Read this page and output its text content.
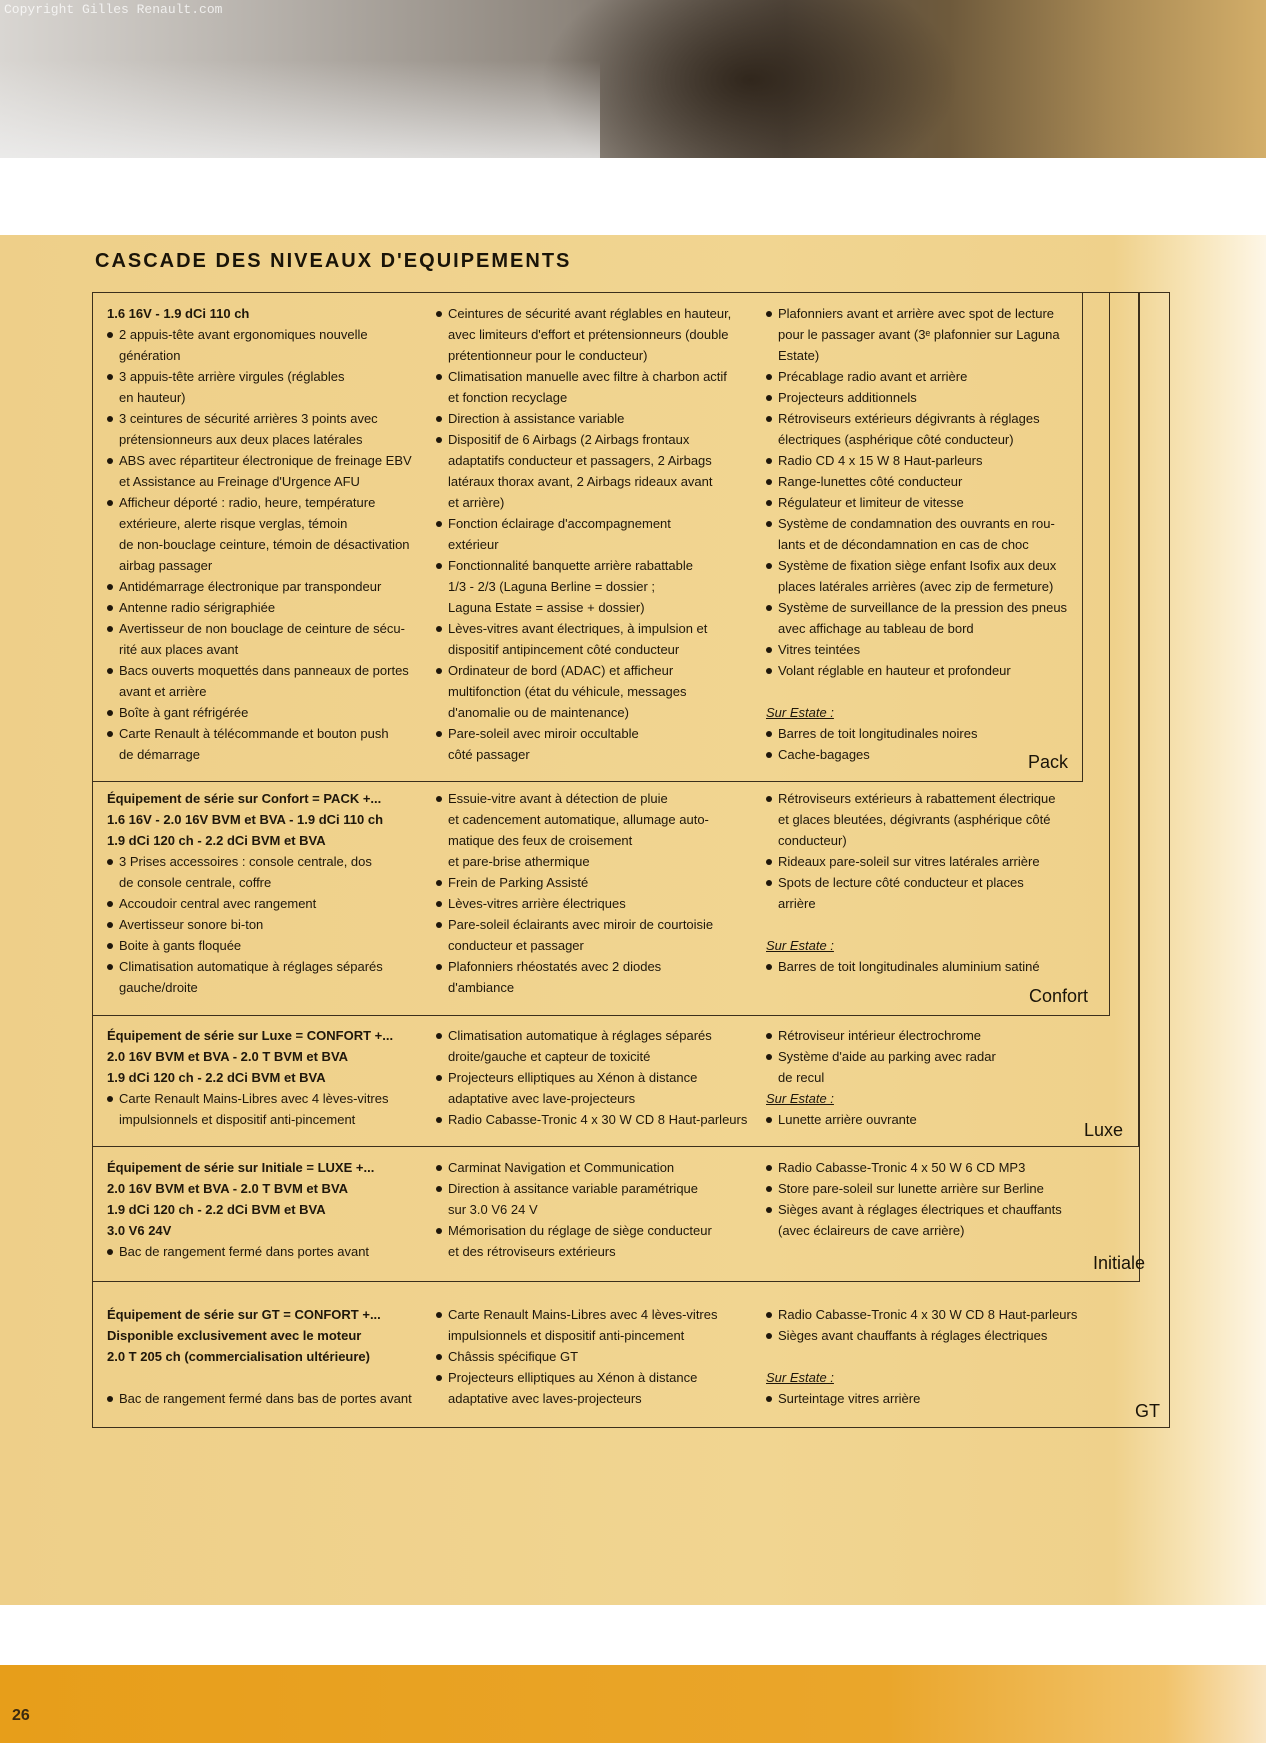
Copyright Gilles Renault.com
26
CASCADE DES NIVEAUX D'EQUIPEMENTS
Pack
Confort
Luxe
Initiale
GT
1.6 16V - 1.9 dCi 110 ch
2 appuis-tête avant ergonomiques nouvelle
génération
3 appuis-tête arrière virgules (réglables
en hauteur)
3 ceintures de sécurité arrières 3 points avec
prétensionneurs aux deux places latérales
ABS avec répartiteur électronique de freinage EBV
et Assistance au Freinage d'Urgence AFU
Afficheur déporté : radio, heure, température
extérieure, alerte risque verglas, témoin
de non-bouclage ceinture, témoin de désactivation
airbag passager
Antidémarrage électronique par transpondeur
Antenne radio sérigraphiée
Avertisseur de non bouclage de ceinture de sécu-
rité aux places avant
Bacs ouverts moquettés dans panneaux de portes
avant et arrière
Boîte à gant réfrigérée
Carte Renault à télécommande et bouton push
de démarrage
Ceintures de sécurité avant réglables en hauteur,
avec limiteurs d'effort et prétensionneurs (double
prétentionneur pour le conducteur)
Climatisation manuelle avec filtre à charbon actif
et fonction recyclage
Direction à assistance variable
Dispositif de 6 Airbags (2 Airbags frontaux
adaptatifs conducteur et passagers, 2 Airbags
latéraux thorax avant, 2 Airbags rideaux avant
et arrière)
Fonction éclairage d'accompagnement
extérieur
Fonctionnalité banquette arrière rabattable
1/3 - 2/3 (Laguna Berline = dossier ;
Laguna Estate = assise + dossier)
Lèves-vitres avant électriques, à impulsion et
dispositif antipincement côté conducteur
Ordinateur de bord (ADAC) et afficheur
multifonction (état du véhicule, messages
d'anomalie ou de maintenance)
Pare-soleil avec miroir occultable
côté passager
Plafonniers avant et arrière avec spot de lecture
pour le passager avant (3ᵉ plafonnier sur Laguna
Estate)
Précablage radio avant et arrière
Projecteurs additionnels
Rétroviseurs extérieurs dégivrants à réglages
électriques (asphérique côté conducteur)
Radio CD 4 x 15 W 8 Haut-parleurs
Range-lunettes côté conducteur
Régulateur et limiteur de vitesse
Système de condamnation des ouvrants en rou-
lants et de décondamnation en cas de choc
Système de fixation siège enfant Isofix aux deux
places latérales arrières (avec zip de fermeture)
Système de surveillance de la pression des pneus
avec affichage au tableau de bord
Vitres teintées
Volant réglable en hauteur et profondeur
Sur Estate :
Barres de toit longitudinales noires
Cache-bagages
Équipement de série sur Confort = PACK +...
1.6 16V - 2.0 16V BVM et BVA - 1.9 dCi 110 ch
1.9 dCi 120 ch - 2.2 dCi BVM et BVA
3 Prises accessoires : console centrale, dos
de console centrale, coffre
Accoudoir central avec rangement
Avertisseur sonore bi-ton
Boite à gants floquée
Climatisation automatique à réglages séparés
gauche/droite
Essuie-vitre avant à détection de pluie
et cadencement automatique, allumage auto-
matique des feux de croisement
et pare-brise athermique
Frein de Parking Assisté
Lèves-vitres arrière électriques
Pare-soleil éclairants avec miroir de courtoisie
conducteur et passager
Plafonniers rhéostatés avec 2 diodes
d'ambiance
Rétroviseurs extérieurs à rabattement électrique
et glaces bleutées, dégivrants (asphérique côté
conducteur)
Rideaux pare-soleil sur vitres latérales arrière
Spots de lecture côté conducteur et places
arrière
Sur Estate :
Barres de toit longitudinales aluminium satiné
Équipement de série sur Luxe = CONFORT +...
2.0 16V BVM et BVA - 2.0 T BVM et BVA
1.9 dCi 120 ch - 2.2 dCi BVM et BVA
Carte Renault Mains-Libres avec 4 lèves-vitres
impulsionnels et dispositif anti-pincement
Climatisation automatique à réglages séparés
droite/gauche et capteur de toxicité
Projecteurs elliptiques au Xénon à distance
adaptative avec lave-projecteurs
Radio Cabasse-Tronic 4 x 30 W CD 8 Haut-parleurs
Rétroviseur intérieur électrochrome
Système d'aide au parking avec radar
de recul
Sur Estate :
Lunette arrière ouvrante
Équipement de série sur Initiale = LUXE +...
2.0 16V BVM et BVA - 2.0 T BVM et BVA
1.9 dCi 120 ch - 2.2 dCi BVM et BVA
3.0 V6 24V
Bac de rangement fermé dans portes avant
Carminat Navigation et Communication
Direction à assitance variable paramétrique
sur 3.0 V6 24 V
Mémorisation du réglage de siège conducteur
et des rétroviseurs extérieurs
Radio Cabasse-Tronic 4 x 50 W 6 CD MP3
Store pare-soleil sur lunette arrière sur Berline
Sièges avant à réglages électriques et chauffants
(avec éclaireurs de cave arrière)
Équipement de série sur GT = CONFORT +...
Disponible exclusivement avec le moteur
2.0 T 205 ch (commercialisation ultérieure)
Bac de rangement fermé dans bas de portes avant
Carte Renault Mains-Libres avec 4 lèves-vitres
impulsionnels et dispositif anti-pincement
Châssis spécifique GT
Projecteurs elliptiques au Xénon à distance
adaptative avec laves-projecteurs
Radio Cabasse-Tronic 4 x 30 W CD 8 Haut-parleurs
Sièges avant chauffants à réglages électriques
Sur Estate :
Surteintage vitres arrière
